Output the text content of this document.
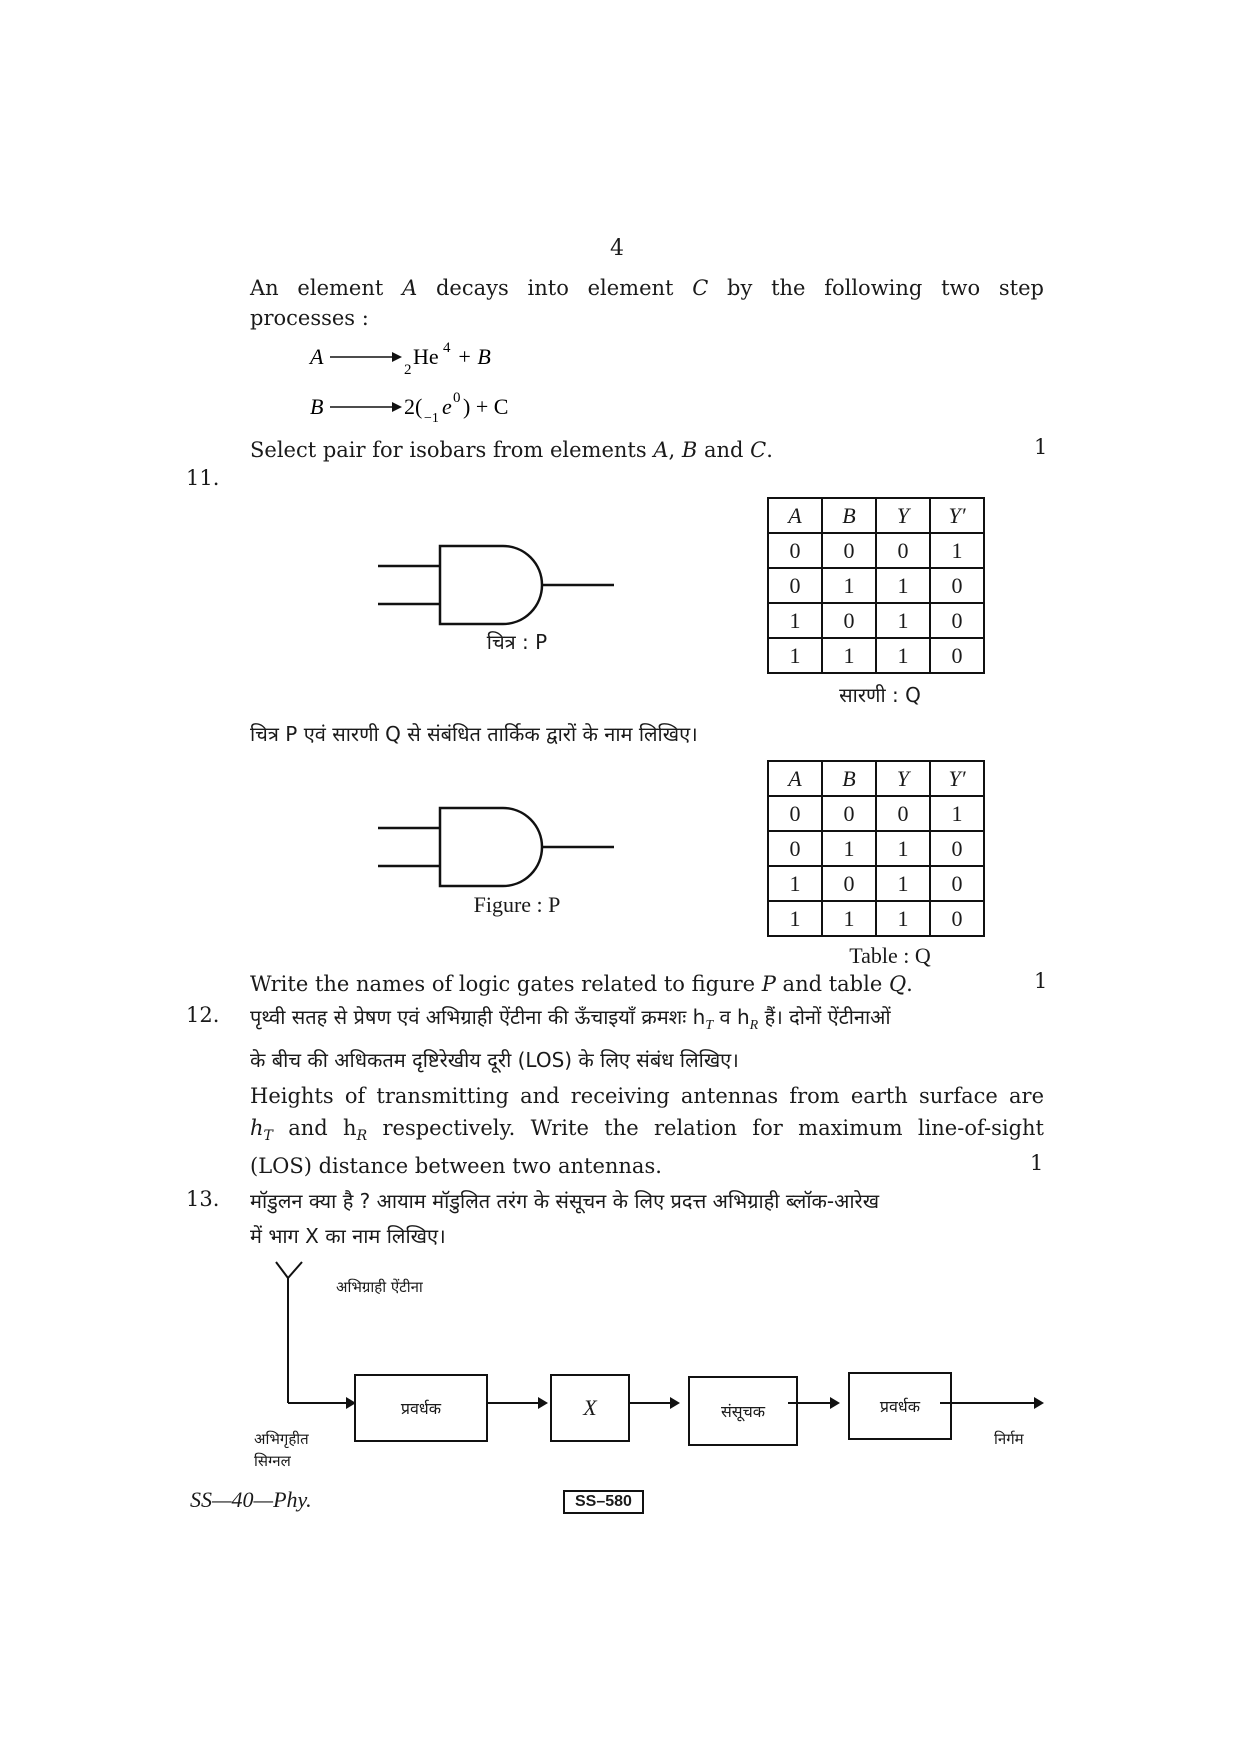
4
An element A decays into element C by the following two step
processes :
A
2
He 4 + B
B	2( −1 e 0 ) + C
Select pair for isobars from elements A, B and C.	1
11.
चित्र : P
A	B	Y	Y′
0	0	0	1
0	1	1	0
1	0	1	0
1	1	1	0
सारणी : Q
चित्र P एवं सारणी Q से संबंधित तार्किक द्वारों के नाम लिखिए।
Figure : P
A	B	Y	Y′
0	0	0	1
0	1	1	0
1	0	1	0
1	1	1	0
Table : Q
Write the names of logic gates related to figure P and table Q.	1
12. पृथ्वी सतह से प्रेषण एवं अभिग्राही ऐंटीना की ऊँचाइयाँ क्रमशः $h_T$ व $h_R$ हैं। दोनों ऐंटीनाओं
के बीच की अधिकतम दृष्टिरेखीय दूरी (LOS) के लिए संबंध लिखिए।
Heights of transmitting and receiving antennas from earth surface are
$h_T$ and $h_R$ respectively. Write the relation for maximum line-of-sight
(LOS) distance between two antennas.	1
13. मॉडुलन क्या है ? आयाम मॉडुलित तरंग के संसूचन के लिए प्रदत्त अभिग्राही ब्लॉक-आरेख
में भाग X का नाम लिखिए।
अभिग्राही ऐंटीना
प्रवर्धक	X	संसूचक	प्रवर्धक
अभिगृहीत
सिग्नल
निर्गम
SS—40—Phy.	SS–580
